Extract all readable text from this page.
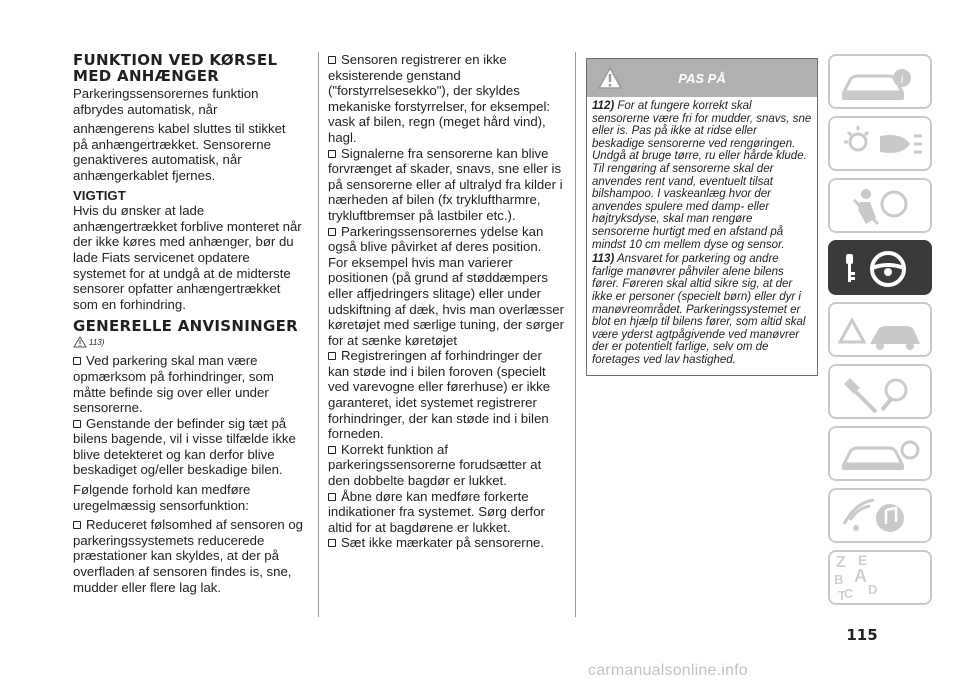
FUNKTION VED KØRSEL MED ANHÆNGER

Parkeringssensorernes funktion afbrydes automatisk, når

anhængerens kabel sluttes til stikket på anhængertrækket. Sensorerne genaktiveres automatisk, når anhængerkablet fjernes.

VIGTIGT

Hvis du ønsker at lade anhængertrækket forblive monteret når der ikke køres med anhænger, bør du lade Fiats servicenet opdatere systemet for at undgå at de midterste sensorer opfatter anhængertrækket som en forhindring.

GENERELLE ANVISNINGER
113)
Ved parkering skal man være opmærksom på forhindringer, som måtte befinde sig over eller under sensorerne.
Genstande der befinder sig tæt på bilens bagende, vil i visse tilfælde ikke blive detekteret og kan derfor blive beskadiget og/eller beskadige bilen.

Følgende forhold kan medføre uregelmæssig sensorfunktion:

Reduceret følsomhed af sensoren og parkeringssystemets reducerede præstationer kan skyldes, at der på overfladen af sensoren findes is, sne, mudder eller flere lag lak.
Sensoren registrerer en ikke eksisterende genstand ("forstyrrelsesekko"), der skyldes mekaniske forstyrrelser, for eksempel: vask af bilen, regn (meget hård vind), hagl.
Signalerne fra sensorerne kan blive forvrænget af skader, snavs, sne eller is på sensorerne eller af ultralyd fra kilder i nærheden af bilen (fx trykluftharmre, trykluftbremser på lastbiler etc.).
Parkeringssensorernes ydelse kan også blive påvirket af deres position. For eksempel hvis man varierer positionen (på grund af støddæmpers eller affjedringers slitage) eller under udskiftning af dæk, hvis man overlæsser køretøjet med særlige tuning, der sørger for at sænke køretøjet
Registreringen af forhindringer der kan støde ind i bilen foroven (specielt ved varevogne eller førerhuse) er ikke garanteret, idet systemet registrerer forhindringer, der kan støde ind i bilen forneden.
Korrekt funktion af parkeringssensorerne forudsætter at den dobbelte bagdør er lukket.
Åbne døre kan medføre forkerte indikationer fra systemet. Sørg derfor altid for at bagdørene er lukket.
Sæt ikke mærkater på sensorerne.
PAS PÅ

112) For at fungere korrekt skal sensorerne være fri for mudder, snavs, sne eller is. Pas på ikke at ridse eller beskadige sensorerne ved rengøringen. Undgå at bruge tørre, ru eller hårde klude. Til rengøring af sensorerne skal der anvendes rent vand, eventuelt tilsat bilshampoo. I vaskeanlæg hvor der anvendes spulere med damp- eller højtryksdyse, skal man rengøre sensorerne hurtigt med en afstand på mindst 10 cm mellem dyse og sensor.

113) Ansvaret for parkering og andre farlige manøvrer påhviler alene bilens fører. Føreren skal altid sikre sig, at der ikke er personer (specielt børn) eller dyr i manøvreområdet. Parkeringssystemet er blot en hjælp til bilens fører, som altid skal være yderst agtpågivende ved manøvrer der er potentielt farlige, selv om de foretages ved lav hastighed.

i
Z E
B A
C
T D
115
carmanualsonline.info
